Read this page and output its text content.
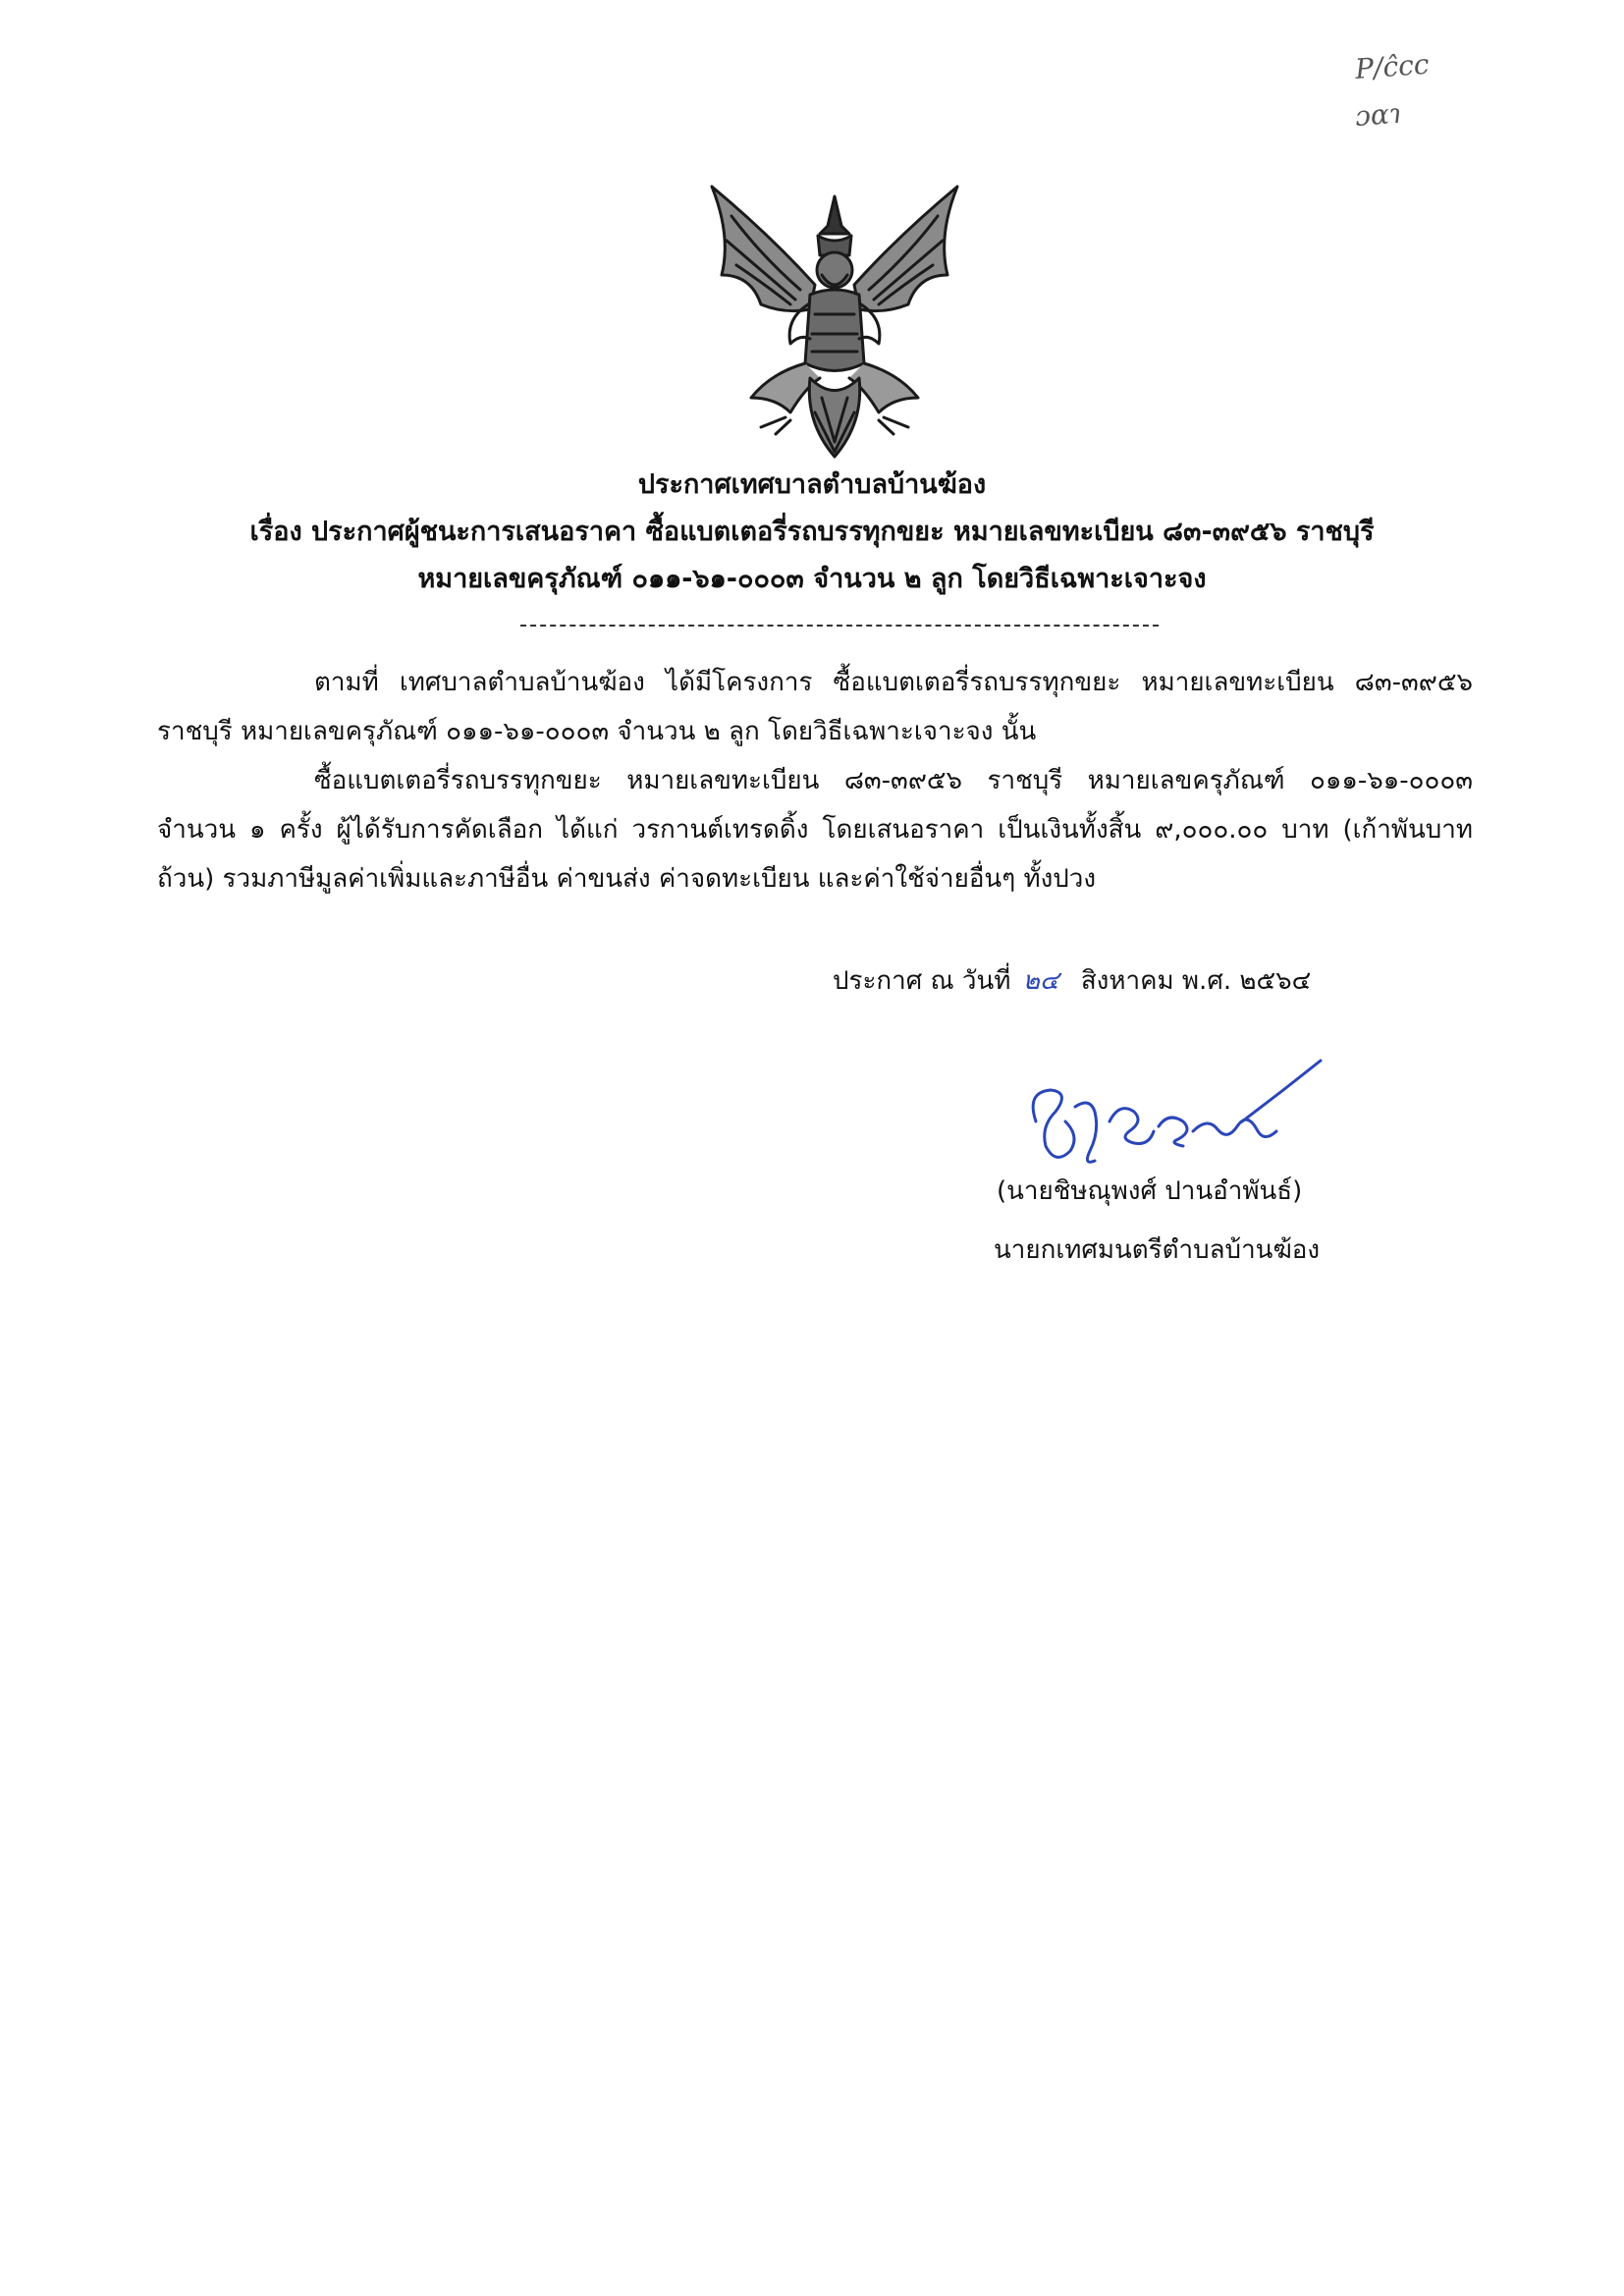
P/ĉcc
ɔɑɿ
ประกาศเทศบาลตำบลบ้านฆ้อง
เรื่อง ประกาศผู้ชนะการเสนอราคา ซื้อแบตเตอรี่รถบรรทุกขยะ หมายเลขทะเบียน ๘๓-๓๙๕๖ ราชบุรี
หมายเลขครุภัณฑ์ ๐๑๑-๖๑-๐๐๐๓ จำนวน ๒ ลูก โดยวิธีเฉพาะเจาะจง

ตามที่ เทศบาลตำบลบ้านฆ้อง ได้มีโครงการ ซื้อแบตเตอรี่รถบรรทุกขยะ หมายเลขทะเบียน ๘๓-๓๙๕๖ ราชบุรี หมายเลขครุภัณฑ์ ๐๑๑-๖๑-๐๐๐๓ จำนวน ๒ ลูก โดยวิธีเฉพาะเจาะจง นั้น

ซื้อแบตเตอรี่รถบรรทุกขยะ หมายเลขทะเบียน ๘๓-๓๙๕๖ ราชบุรี หมายเลขครุภัณฑ์ ๐๑๑-๖๑-๐๐๐๓ จำนวน ๑ ครั้ง ผู้ได้รับการคัดเลือก ได้แก่ วรกานต์เทรดดิ้ง โดยเสนอราคา เป็นเงินทั้งสิ้น ๙,๐๐๐.๐๐ บาท (เก้าพันบาทถ้วน) รวมภาษีมูลค่าเพิ่มและภาษีอื่น ค่าขนส่ง ค่าจดทะเบียน และค่าใช้จ่ายอื่นๆ ทั้งปวง

ประกาศ ณ วันที่ ๒๔ สิงหาคม พ.ศ. ๒๕๖๔
(นายชิษณุพงศ์ ปานอำพันธ์)
นายกเทศมนตรีตำบลบ้านฆ้อง
